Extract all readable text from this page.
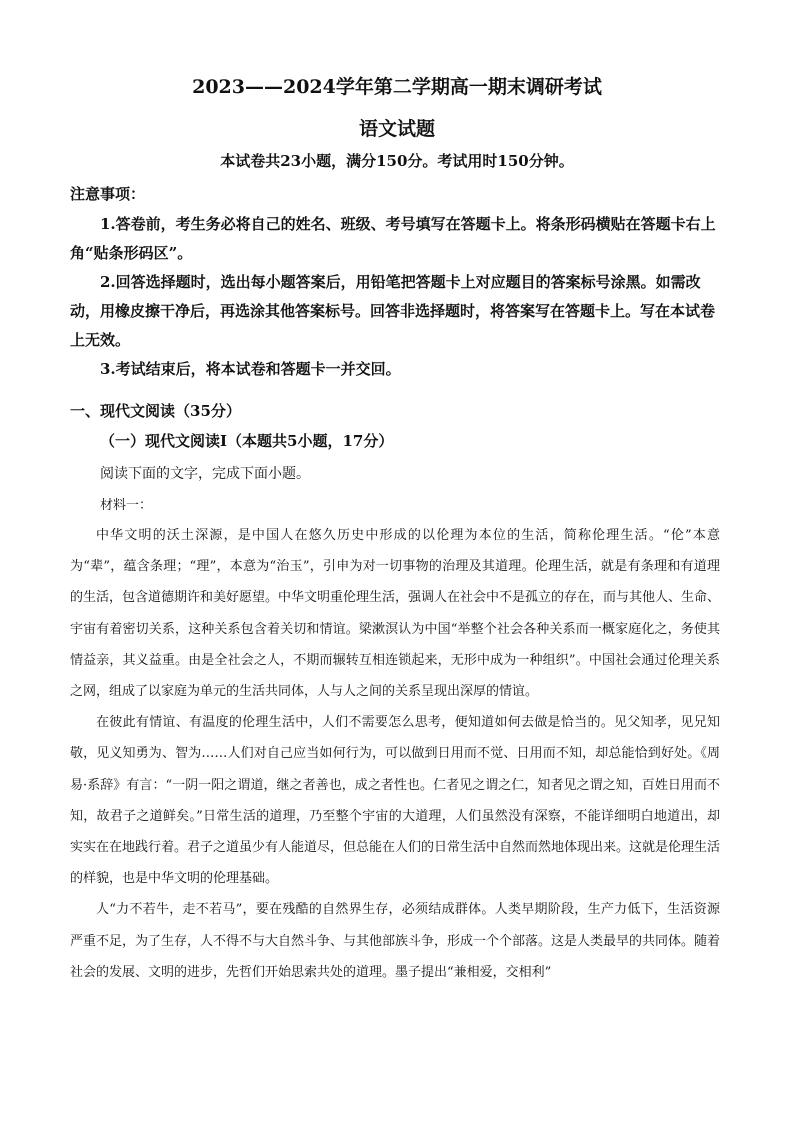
2023——2024学年第二学期高一期末调研考试
语文试题
本试卷共23小题，满分150分。考试用时150分钟。
注意事项：

1.答卷前，考生务必将自己的姓名、班级、考号填写在答题卡上。将条形码横贴在答题卡右上角“贴条形码区”。

2.回答选择题时，选出每小题答案后，用铅笔把答题卡上对应题目的答案标号涂黑。如需改动，用橡皮擦干净后，再选涂其他答案标号。回答非选择题时，将答案写在答题卡上。写在本试卷上无效。

3.考试结束后，将本试卷和答题卡一并交回。

一、现代文阅读（35分）
（一）现代文阅读Ⅰ（本题共5小题，17分）
阅读下面的文字，完成下面小题。
材料一：

中华文明的沃土深源，是中国人在悠久历史中形成的以伦理为本位的生活，简称伦理生活。“伦”本意为“辈”，蕴含条理；“理”，本意为“治玉”，引申为对一切事物的治理及其道理。伦理生活，就是有条理和有道理的生活，包含道德期许和美好愿望。中华文明重伦理生活，强调人在社会中不是孤立的存在，而与其他人、生命、宇宙有着密切关系，这种关系包含着关切和情谊。梁漱溟认为中国“举整个社会各种关系而一概家庭化之，务使其情益亲，其义益重。由是全社会之人，不期而辗转互相连锁起来，无形中成为一种组织”。中国社会通过伦理关系之网，组成了以家庭为单元的生活共同体，人与人之间的关系呈现出深厚的情谊。

在彼此有情谊、有温度的伦理生活中，人们不需要怎么思考，便知道如何去做是恰当的。见父知孝，见兄知敬，见义知勇为、智为……人们对自己应当如何行为，可以做到日用而不觉、日用而不知，却总能恰到好处。《周易·系辞》有言：“一阴一阳之谓道，继之者善也，成之者性也。仁者见之谓之仁，知者见之谓之知，百姓日用而不知，故君子之道鲜矣。”日常生活的道理，乃至整个宇宙的大道理，人们虽然没有深察，不能详细明白地道出，却实实在在地践行着。君子之道虽少有人能道尽，但总能在人们的日常生活中自然而然地体现出来。这就是伦理生活的样貌，也是中华文明的伦理基础。

人“力不若牛，走不若马”，要在残酷的自然界生存，必须结成群体。人类早期阶段，生产力低下，生活资源严重不足，为了生存，人不得不与大自然斗争、与其他部族斗争，形成一个个部落。这是人类最早的共同体。随着社会的发展、文明的进步，先哲们开始思索共处的道理。墨子提出“兼相爱，交相利”
